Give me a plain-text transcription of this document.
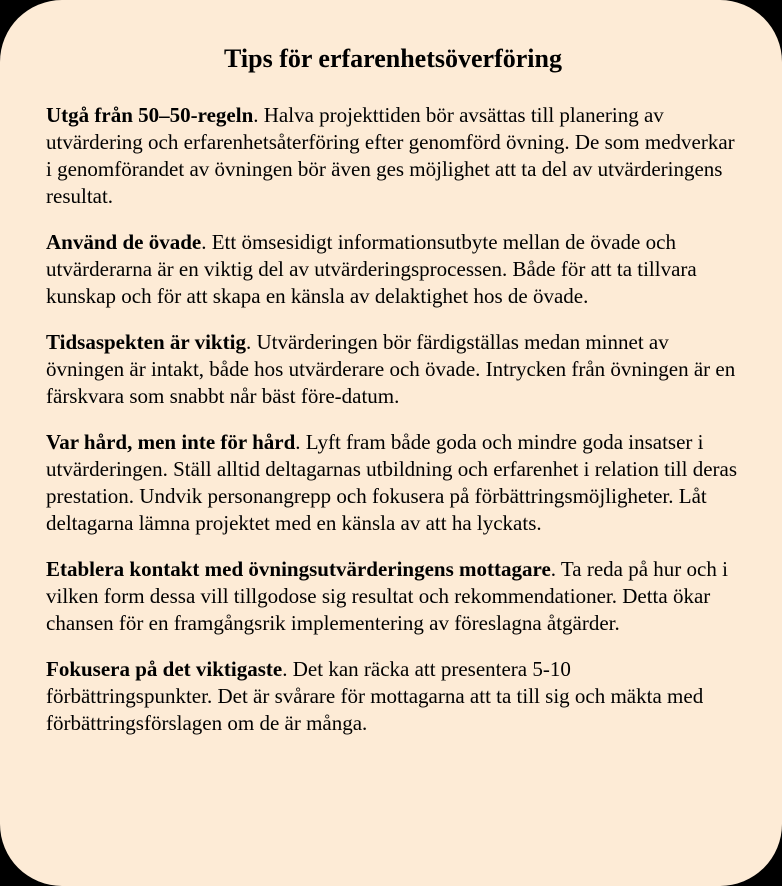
Tips för erfarenhetsöverföring

Utgå från 50–50-regeln. Halva projekttiden bör avsättas till planering av utvärdering och erfarenhetsåterföring efter genomförd övning. De som medverkar i genomförandet av övningen bör även ges möjlighet att ta del av utvärderingens resultat.

Använd de övade. Ett ömsesidigt informationsutbyte mellan de övade och utvärderarna är en viktig del av utvärderingsprocessen. Både för att ta tillvara kunskap och för att skapa en känsla av delaktighet hos de övade.

Tidsaspekten är viktig. Utvärderingen bör färdigställas medan minnet av övningen är intakt, både hos utvärderare och övade. Intrycken från övningen är en färskvara som snabbt når bäst före-datum.

Var hård, men inte för hård. Lyft fram både goda och mindre goda insatser i utvärderingen. Ställ alltid deltagarnas utbildning och erfarenhet i relation till deras prestation. Undvik personangrepp och fokusera på förbättringsmöjligheter. Låt deltagarna lämna projektet med en känsla av att ha lyckats.

Etablera kontakt med övningsutvärderingens mottagare. Ta reda på hur och i vilken form dessa vill tillgodose sig resultat och rekommendationer. Detta ökar chansen för en framgångsrik implementering av föreslagna åtgärder.

Fokusera på det viktigaste. Det kan räcka att presentera 5-10 förbättringspunkter. Det är svårare för mottagarna att ta till sig och mäkta med förbättringsförslagen om de är många.
